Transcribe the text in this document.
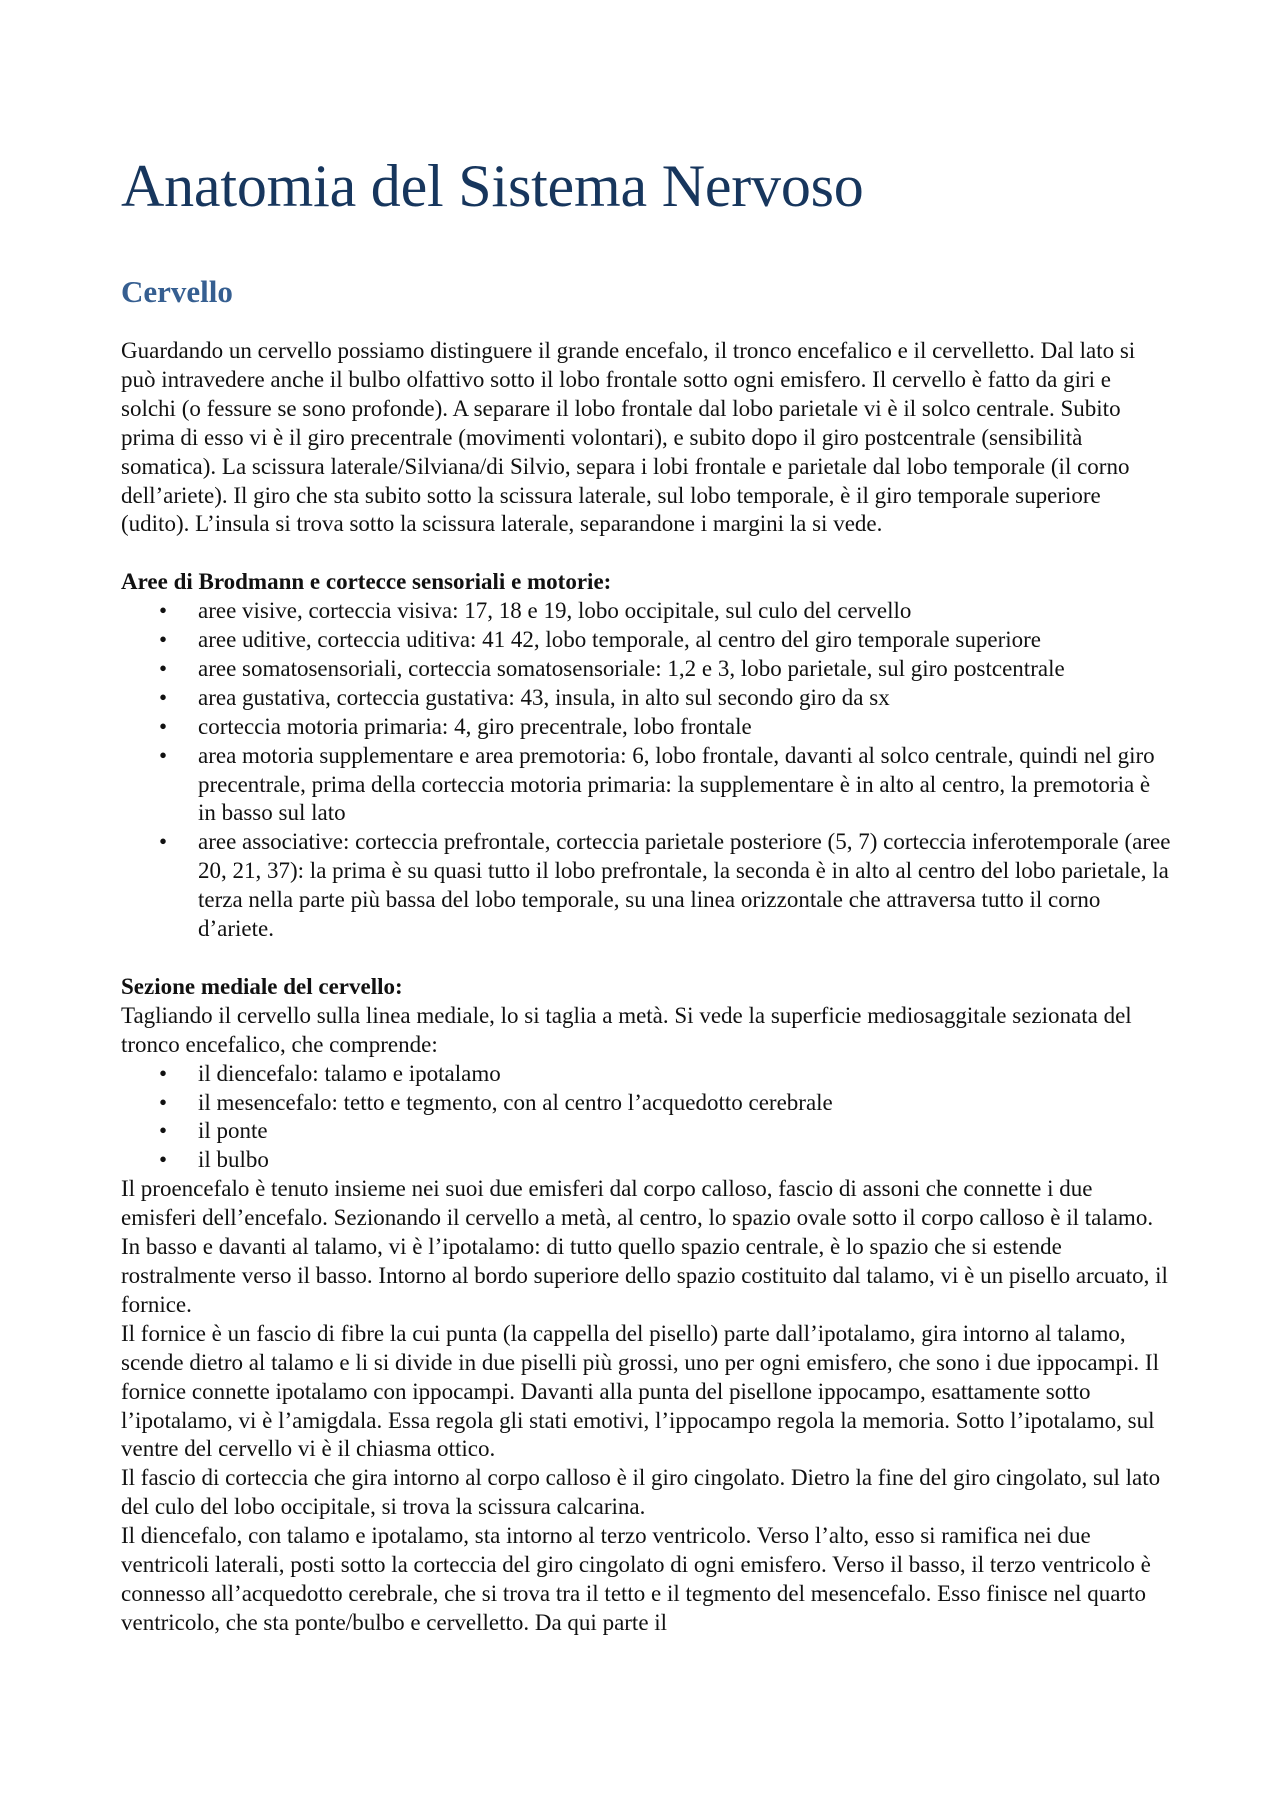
Anatomia del Sistema Nervoso
Cervello

Guardando un cervello possiamo distinguere il grande encefalo, il tronco encefalico e il cervelletto. Dal lato si può intravedere anche il bulbo olfattivo sotto il lobo frontale sotto ogni emisfero. Il cervello è fatto da giri e solchi (o fessure se sono profonde). A separare il lobo frontale dal lobo parietale vi è il solco centrale. Subito prima di esso vi è il giro precentrale (movimenti volontari), e subito dopo il giro postcentrale (sensibilità somatica). La scissura laterale/Silviana/di Silvio, separa i lobi frontale e parietale dal lobo temporale (il corno dell’ariete). Il giro che sta subito sotto la scissura laterale, sul lobo temporale, è il giro temporale superiore (udito). L’insula si trova sotto la scissura laterale, separandone i margini la si vede.

Aree di Brodmann e cortecce sensoriali e motorie:

•	aree visive, corteccia visiva: 17, 18 e 19, lobo occipitale, sul culo del cervello
•	aree uditive, corteccia uditiva: 41 42, lobo temporale, al centro del giro temporale superiore
•	aree somatosensoriali, corteccia somatosensoriale: 1,2 e 3, lobo parietale, sul giro postcentrale
•	area gustativa, corteccia gustativa: 43, insula, in alto sul secondo giro da sx
•	corteccia motoria primaria: 4, giro precentrale, lobo frontale
•	area motoria supplementare e area premotoria: 6, lobo frontale, davanti al solco centrale, quindi nel giro precentrale, prima della corteccia motoria primaria: la supplementare è in alto al centro, la premotoria è in basso sul lato
•	aree associative: corteccia prefrontale, corteccia parietale posteriore (5, 7) corteccia inferotemporale (aree 20, 21, 37): la prima è su quasi tutto il lobo prefrontale, la seconda è in alto al centro del lobo parietale, la terza nella parte più bassa del lobo temporale, su una linea orizzontale che attraversa tutto il corno d’ariete.

Sezione mediale del cervello:

Tagliando il cervello sulla linea mediale, lo si taglia a metà. Si vede la superficie mediosaggitale sezionata del tronco encefalico, che comprende:

•	il diencefalo: talamo e ipotalamo
•	il mesencefalo: tetto e tegmento, con al centro l’acquedotto cerebrale
•	il ponte
•	il bulbo

Il proencefalo è tenuto insieme nei suoi due emisferi dal corpo calloso, fascio di assoni che connette i due emisferi dell’encefalo. Sezionando il cervello a metà, al centro, lo spazio ovale sotto il corpo calloso è il talamo. In basso e davanti al talamo, vi è l’ipotalamo: di tutto quello spazio centrale, è lo spazio che si estende rostralmente verso il basso. Intorno al bordo superiore dello spazio costituito dal talamo, vi è un pisello arcuato, il fornice.

Il fornice è un fascio di fibre la cui punta (la cappella del pisello) parte dall’ipotalamo, gira intorno al talamo, scende dietro al talamo e li si divide in due piselli più grossi, uno per ogni emisfero, che sono i due ippocampi. Il fornice connette ipotalamo con ippocampi. Davanti alla punta del pisellone ippocampo, esattamente sotto l’ipotalamo, vi è l’amigdala. Essa regola gli stati emotivi, l’ippocampo regola la memoria. Sotto l’ipotalamo, sul ventre del cervello vi è il chiasma ottico.

Il fascio di corteccia che gira intorno al corpo calloso è il giro cingolato. Dietro la fine del giro cingolato, sul lato del culo del lobo occipitale, si trova la scissura calcarina.

Il diencefalo, con talamo e ipotalamo, sta intorno al terzo ventricolo. Verso l’alto, esso si ramifica nei due ventricoli laterali, posti sotto la corteccia del giro cingolato di ogni emisfero. Verso il basso, il terzo ventricolo è connesso all’acquedotto cerebrale, che si trova tra il tetto e il tegmento del mesencefalo. Esso finisce nel quarto ventricolo, che sta ponte/bulbo e cervelletto. Da qui parte il
